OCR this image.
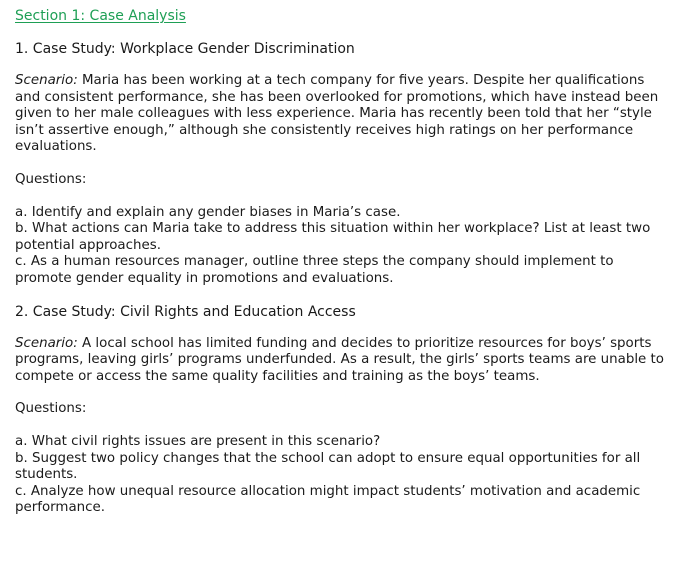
Section 1: Case Analysis
1. Case Study: Workplace Gender Discrimination

Scenario: Maria has been working at a tech company for five years. Despite her qualifications and consistent performance, she has been overlooked for promotions, which have instead been given to her male colleagues with less experience. Maria has recently been told that her “style isn’t assertive enough,” although she consistently receives high ratings on her performance evaluations.

Questions:

a. Identify and explain any gender biases in Maria’s case.

b. What actions can Maria take to address this situation within her workplace? List at least two potential approaches.

c. As a human resources manager, outline three steps the company should implement to promote gender equality in promotions and evaluations.

2. Case Study: Civil Rights and Education Access

Scenario: A local school has limited funding and decides to prioritize resources for boys’ sports programs, leaving girls’ programs underfunded. As a result, the girls’ sports teams are unable to compete or access the same quality facilities and training as the boys’ teams.

Questions:

a. What civil rights issues are present in this scenario?

b. Suggest two policy changes that the school can adopt to ensure equal opportunities for all students.

c. Analyze how unequal resource allocation might impact students’ motivation and academic performance.
